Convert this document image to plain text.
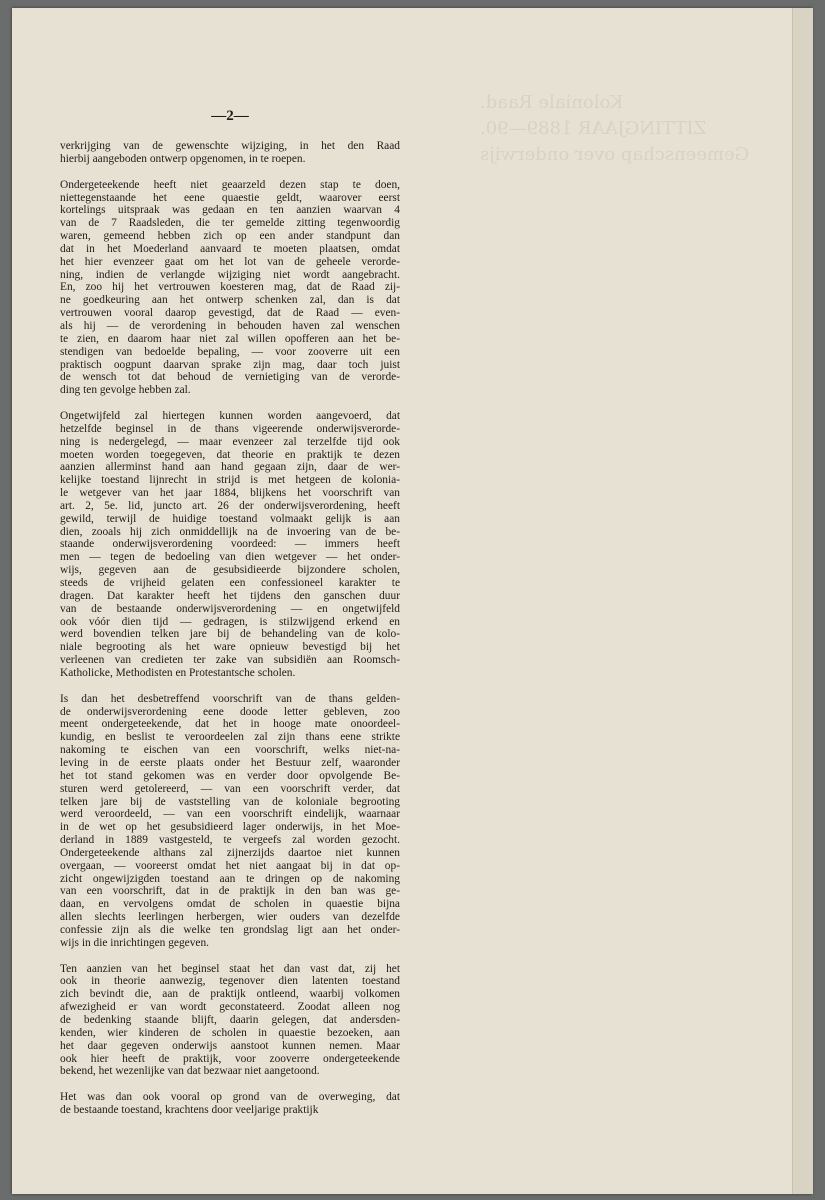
Koloniale Raad.
ZITTINGJAAR 1889—90.
Gemeenschap over onderwijs
—2—
verkrijging van de gewenschte wijziging, in het den Raad
hierbij aangeboden ontwerp opgenomen, in te roepen.
Ondergeteekende heeft niet geaarzeld dezen stap te doen,
niettegenstaande het eene quaestie geldt, waarover eerst
kortelings uitspraak was gedaan en ten aanzien waarvan 4
van de 7 Raadsleden, die ter gemelde zitting tegenwoordig
waren, gemeend hebben zich op een ander standpunt dan
dat in het Moederland aanvaard te moeten plaatsen, omdat
het hier evenzeer gaat om het lot van de geheele verorde-
ning, indien de verlangde wijziging niet wordt aangebracht.
En, zoo hij het vertrouwen koesteren mag, dat de Raad zij-
ne goedkeuring aan het ontwerp schenken zal, dan is dat
vertrouwen vooral daarop gevestigd, dat de Raad — even-
als hij — de verordening in behouden haven zal wenschen
te zien, en daarom haar niet zal willen opofferen aan het be-
stendigen van bedoelde bepaling, — voor zooverre uit een
praktisch oogpunt daarvan sprake zijn mag, daar toch juist
de wensch tot dat behoud de vernietiging van de verorde-
ding ten gevolge hebben zal.
Ongetwijfeld zal hiertegen kunnen worden aangevoerd, dat
hetzelfde beginsel in de thans vigeerende onderwijsverorde-
ning is nedergelegd, — maar evenzeer zal terzelfde tijd ook
moeten worden toegegeven, dat theorie en praktijk te dezen
aanzien allerminst hand aan hand gegaan zijn, daar de wer-
kelijke toestand lijnrecht in strijd is met hetgeen de koloniа-
le wetgever van het jaar 1884, blijkens het voorschrift van
art. 2, 5e. lid, juncto art. 26 der onderwijsverordening, heeft
gewild, terwijl de huidige toestand volmaakt gelijk is aan
dien, zooals hij zich onmiddellijk na de invoering van de be-
staande onderwijsverordening voordeed: — immers heeft
men — tegen de bedoeling van dien wetgever — het onder-
wijs, gegeven aan de gesubsidieerde bijzondere scholen,
steeds de vrijheid gelaten een confessioneel karakter te
dragen. Dat karakter heeft het tijdens den ganschen duur
van de bestaande onderwijsverordening — en ongetwijfeld
ook vóór dien tijd — gedragen, is stilzwijgend erkend en
werd bovendien telken jare bij de behandeling van de kolo-
niale begrooting als het ware opnieuw bevestigd bij het
verleenen van credieten ter zake van subsidiën aan Roomsch-
Katholicke, Methodisten en Protestantsche scholen.
Is dan het desbetreffend voorschrift van de thans gelden-
de onderwijsverordening eene doode letter gebleven, zoo
meent ondergeteekende, dat het in hooge mate onoordeel-
kundig, en beslist te veroordeelen zal zijn thans eene strikte
nakoming te eischen van een voorschrift, welks niet-na-
leving in de eerste plaats onder het Bestuur zelf, waaronder
het tot stand gekomen was en verder door opvolgende Be-
sturen werd getolereerd, — van een voorschrift verder, dat
telken jare bij de vaststelling van de koloniale begrooting
werd veroordeeld, — van een voorschrift eindelijk, waarnaar
in de wet op het gesubsidieerd lager onderwijs, in het Moe-
derland in 1889 vastgesteld, te vergeefs zal worden gezocht.
Ondergeteekende althans zal zijnerzijds daartoe niet kunnen
overgaan, — vooreerst omdat het niet aangaat bij in dat op-
zicht ongewijzigden toestand aan te dringen op de nakoming
van een voorschrift, dat in de praktijk in den ban was ge-
daan, en vervolgens omdat de scholen in quaestie bijna
allen slechts leerlingen herbergen, wier ouders van dezelfde
confessie zijn als die welke ten grondslag ligt aan het onder-
wijs in die inrichtingen gegeven.
Ten aanzien van het beginsel staat het dan vast dat, zij het
ook in theorie aanwezig, tegenover dien latenten toestand
zich bevindt die, aan de praktijk ontleend, waarbij volkomen
afwezigheid er van wordt geconstateerd. Zoodat alleen nog
de bedenking staande blijft, daarin gelegen, dat andersden-
kenden, wier kinderen de scholen in quaestie bezoeken, aan
het daar gegeven onderwijs aanstoot kunnen nemen. Maar
ook hier heeft de praktijk, voor zooverre ondergeteekende
bekend, het wezenlijke van dat bezwaar niet aangetoond.
Het was dan ook vooral op grond van de overweging, dat
de bestaande toestand, krachtens door veeljarige praktijk
